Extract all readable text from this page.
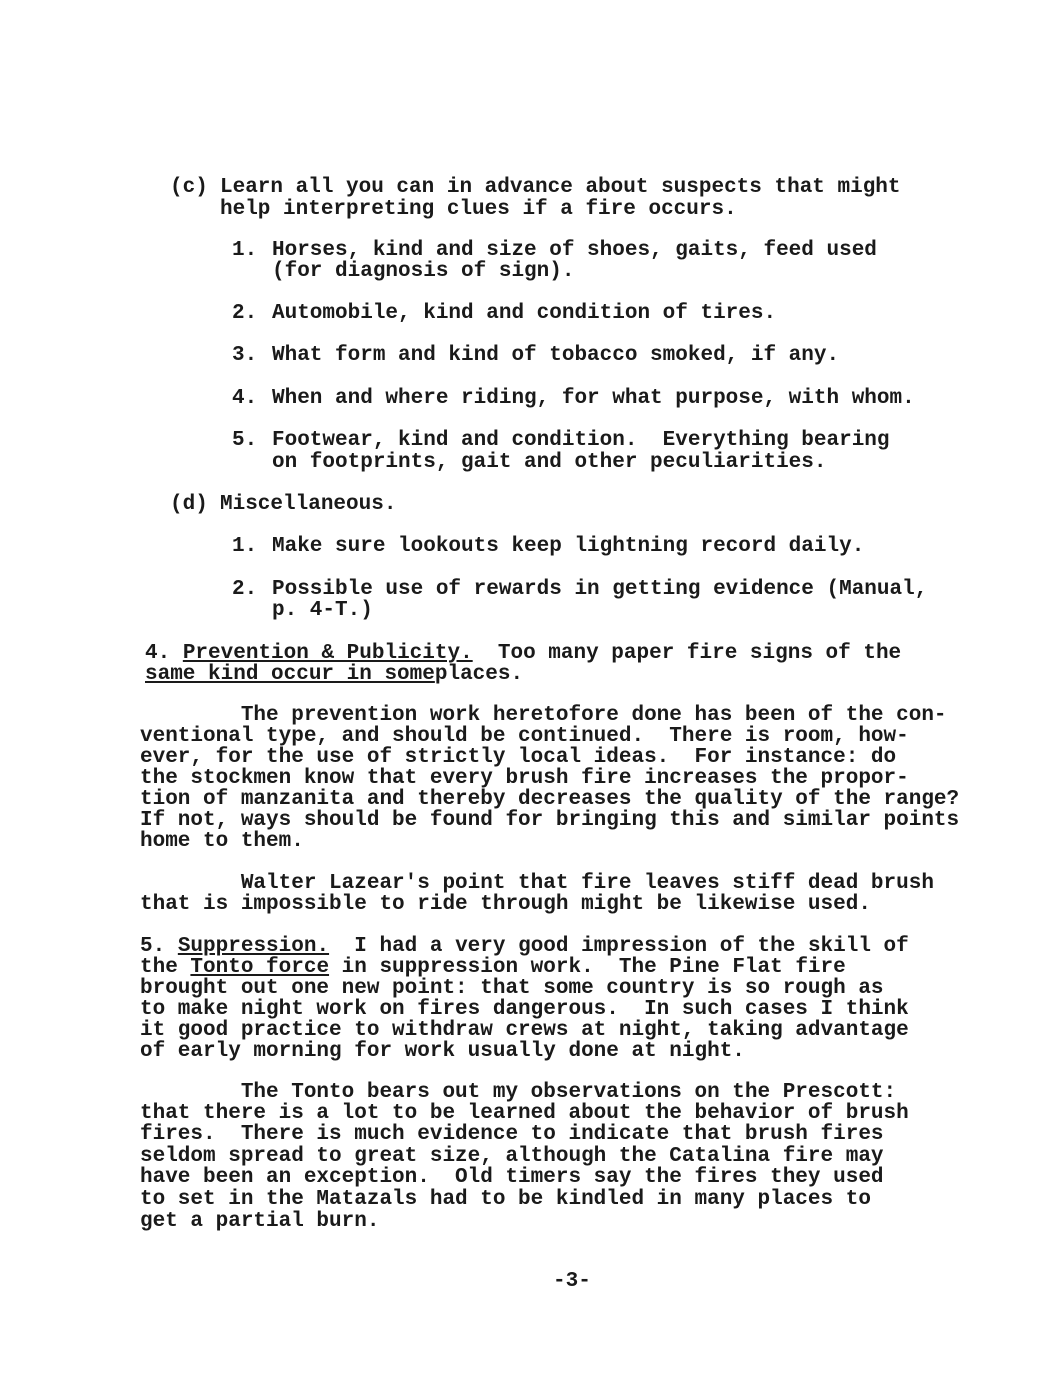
(c) Learn all you can in advance about suspects that might
help interpreting clues if a fire occurs.
1. Horses, kind and size of shoes, gaits, feed used
(for diagnosis of sign).
2. Automobile, kind and condition of tires.
3. What form and kind of tobacco smoked, if any.
4. When and where riding, for what purpose, with whom.
5. Footwear, kind and condition.  Everything bearing
on footprints, gait and other peculiarities.
(d) Miscellaneous.
1. Make sure lookouts keep lightning record daily.
2. Possible use of rewards in getting evidence (Manual,
p. 4-T.)
4. Prevention & Publicity.  Too many paper fire signs of the
same kind occur in someplaces.
The prevention work heretofore done has been of the con-
ventional type, and should be continued.  There is room, how-
ever, for the use of strictly local ideas.  For instance: do
the stockmen know that every brush fire increases the propor-
tion of manzanita and thereby decreases the quality of the range?
If not, ways should be found for bringing this and similar points
home to them.
Walter Lazear's point that fire leaves stiff dead brush
that is impossible to ride through might be likewise used.
5. Suppression.  I had a very good impression of the skill of
the Tonto force in suppression work.  The Pine Flat fire
brought out one new point: that some country is so rough as
to make night work on fires dangerous.  In such cases I think
it good practice to withdraw crews at night, taking advantage
of early morning for work usually done at night.
The Tonto bears out my observations on the Prescott:
that there is a lot to be learned about the behavior of brush
fires.  There is much evidence to indicate that brush fires
seldom spread to great size, although the Catalina fire may
have been an exception.  Old timers say the fires they used
to set in the Matazals had to be kindled in many places to
get a partial burn.
-3-
